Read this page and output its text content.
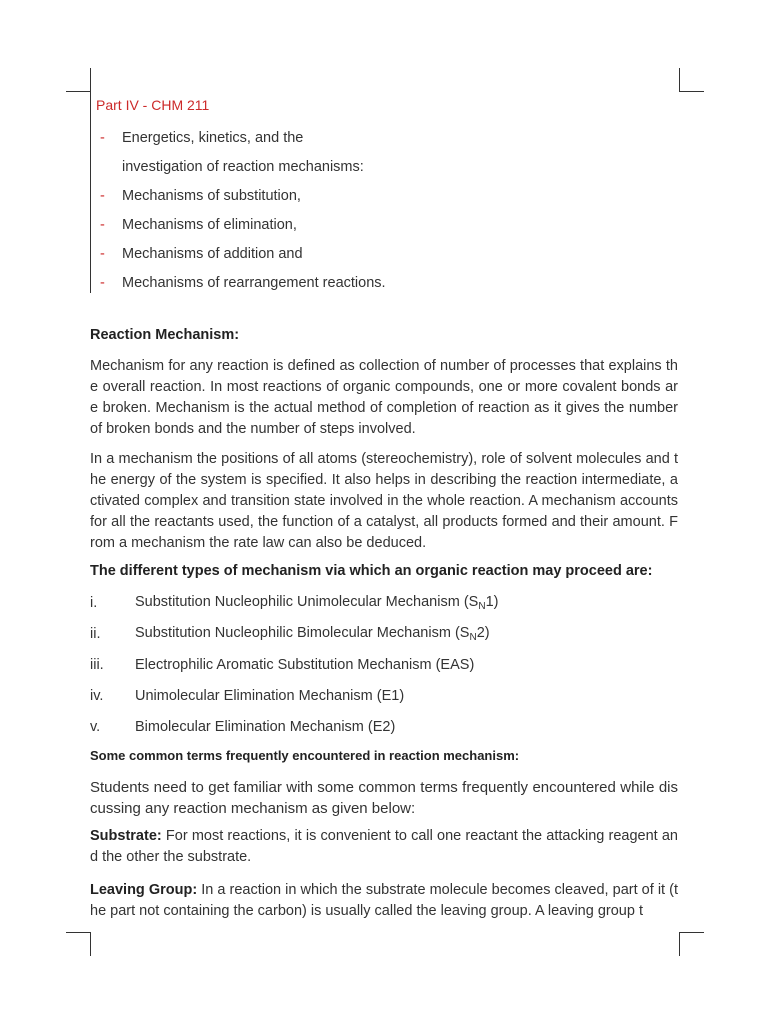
Part IV - CHM 211
-	Energetics, kinetics, and the
investigation of reaction mechanisms:
-	Mechanisms of substitution,
-	Mechanisms of elimination,
-	Mechanisms of addition and
-	Mechanisms of rearrangement reactions.
Reaction Mechanism:
Mechanism for any reaction is defined as collection of number of processes that explains the overall reaction. In most reactions of organic compounds, one or more covalent bonds are broken. Mechanism is the actual method of completion of reaction as it gives the number of broken bonds and the number of steps involved.
In a mechanism the positions of all atoms (stereochemistry), role of solvent molecules and the energy of the system is specified. It also helps in describing the reaction intermediate, activated complex and transition state involved in the whole reaction. A mechanism accounts for all the reactants used, the function of a catalyst, all products formed and their amount. From a mechanism the rate law can also be deduced.
The different types of mechanism via which an organic reaction may proceed are:
i.	Substitution Nucleophilic Unimolecular Mechanism $(S_N1)$
ii.	Substitution Nucleophilic Bimolecular Mechanism $(S_N2)$
iii.	Electrophilic Aromatic Substitution Mechanism (EAS)
iv.	Unimolecular Elimination Mechanism (E1)
v.	Bimolecular Elimination Mechanism (E2)
Some common terms frequently encountered in reaction mechanism:
Students need to get familiar with some common terms frequently encountered while discussing any reaction mechanism as given below:
Substrate: For most reactions, it is convenient to call one reactant the attacking reagent and the other the substrate.
Leaving Group: In a reaction in which the substrate molecule becomes cleaved, part of it (the part not containing the carbon) is usually called the leaving group. A leaving group t
